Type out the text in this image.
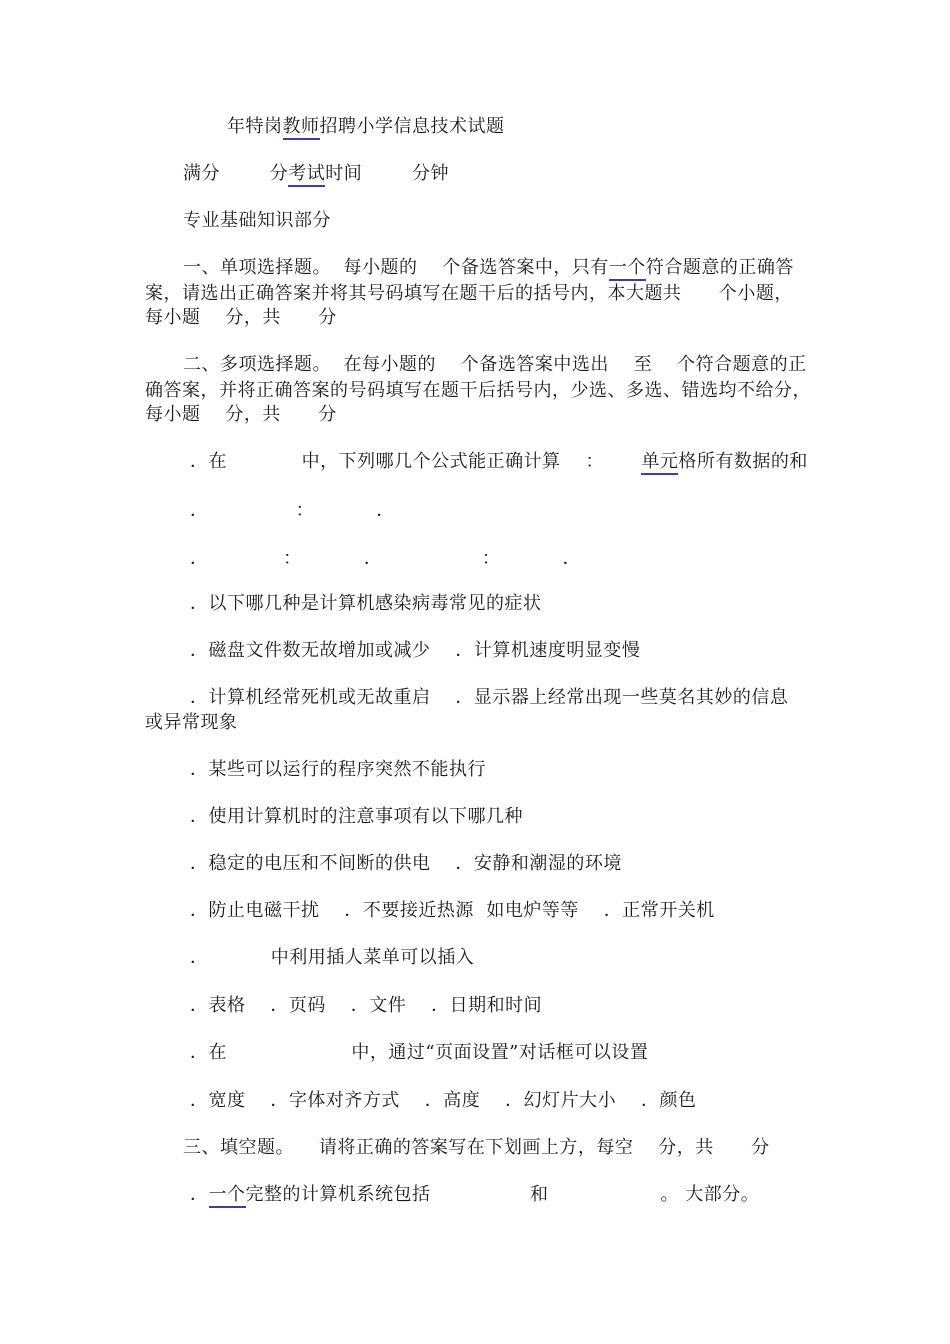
年特岗教师招聘小学信息技术试题
满分        分考试时间        分钟
专业基础知识部分
一、单项选择题。  每小题的    个备选答案中，只有一个符合题意的正确答
案，请选出正确答案并将其号码填写在题干后的括号内，本大题共      个小题，
每小题    分，共      分
二、多项选择题。  在每小题的    个备选答案中选出    至    个符合题意的正
确答案，并将正确答案的号码填写在题干后括号内，少选、多选、错选均不给分，
每小题    分，共      分
．在            中，下列哪几个公式能正确计算    ：      单元格所有数据的和
．              ：          ．
．            ：          ．                ：          ．
．以下哪几种是计算机感染病毒常见的症状
．磁盘文件数无故增加或减少    ．计算机速度明显变慢
．计算机经常死机或无故重启    ．显示器上经常出现一些莫名其妙的信息
或异常现象
．某些可以运行的程序突然不能执行
．使用计算机时的注意事项有以下哪几种
．稳定的电压和不间断的供电    ．安静和潮湿的环境
．防止电磁干扰    ．不要接近热源  如电炉等等    ．正常开关机
．          中利用插人菜单可以插入
．表格    ．页码    ．文件    ．日期和时间
．在                    中，通过“页面设置”对话框可以设置
．宽度    ．字体对齐方式    ．高度    ．幻灯片大小    ．颜色
三、填空题。    请将正确的答案写在下划画上方，每空    分，共      分
．一个完整的计算机系统包括                和                  。 大部分。
